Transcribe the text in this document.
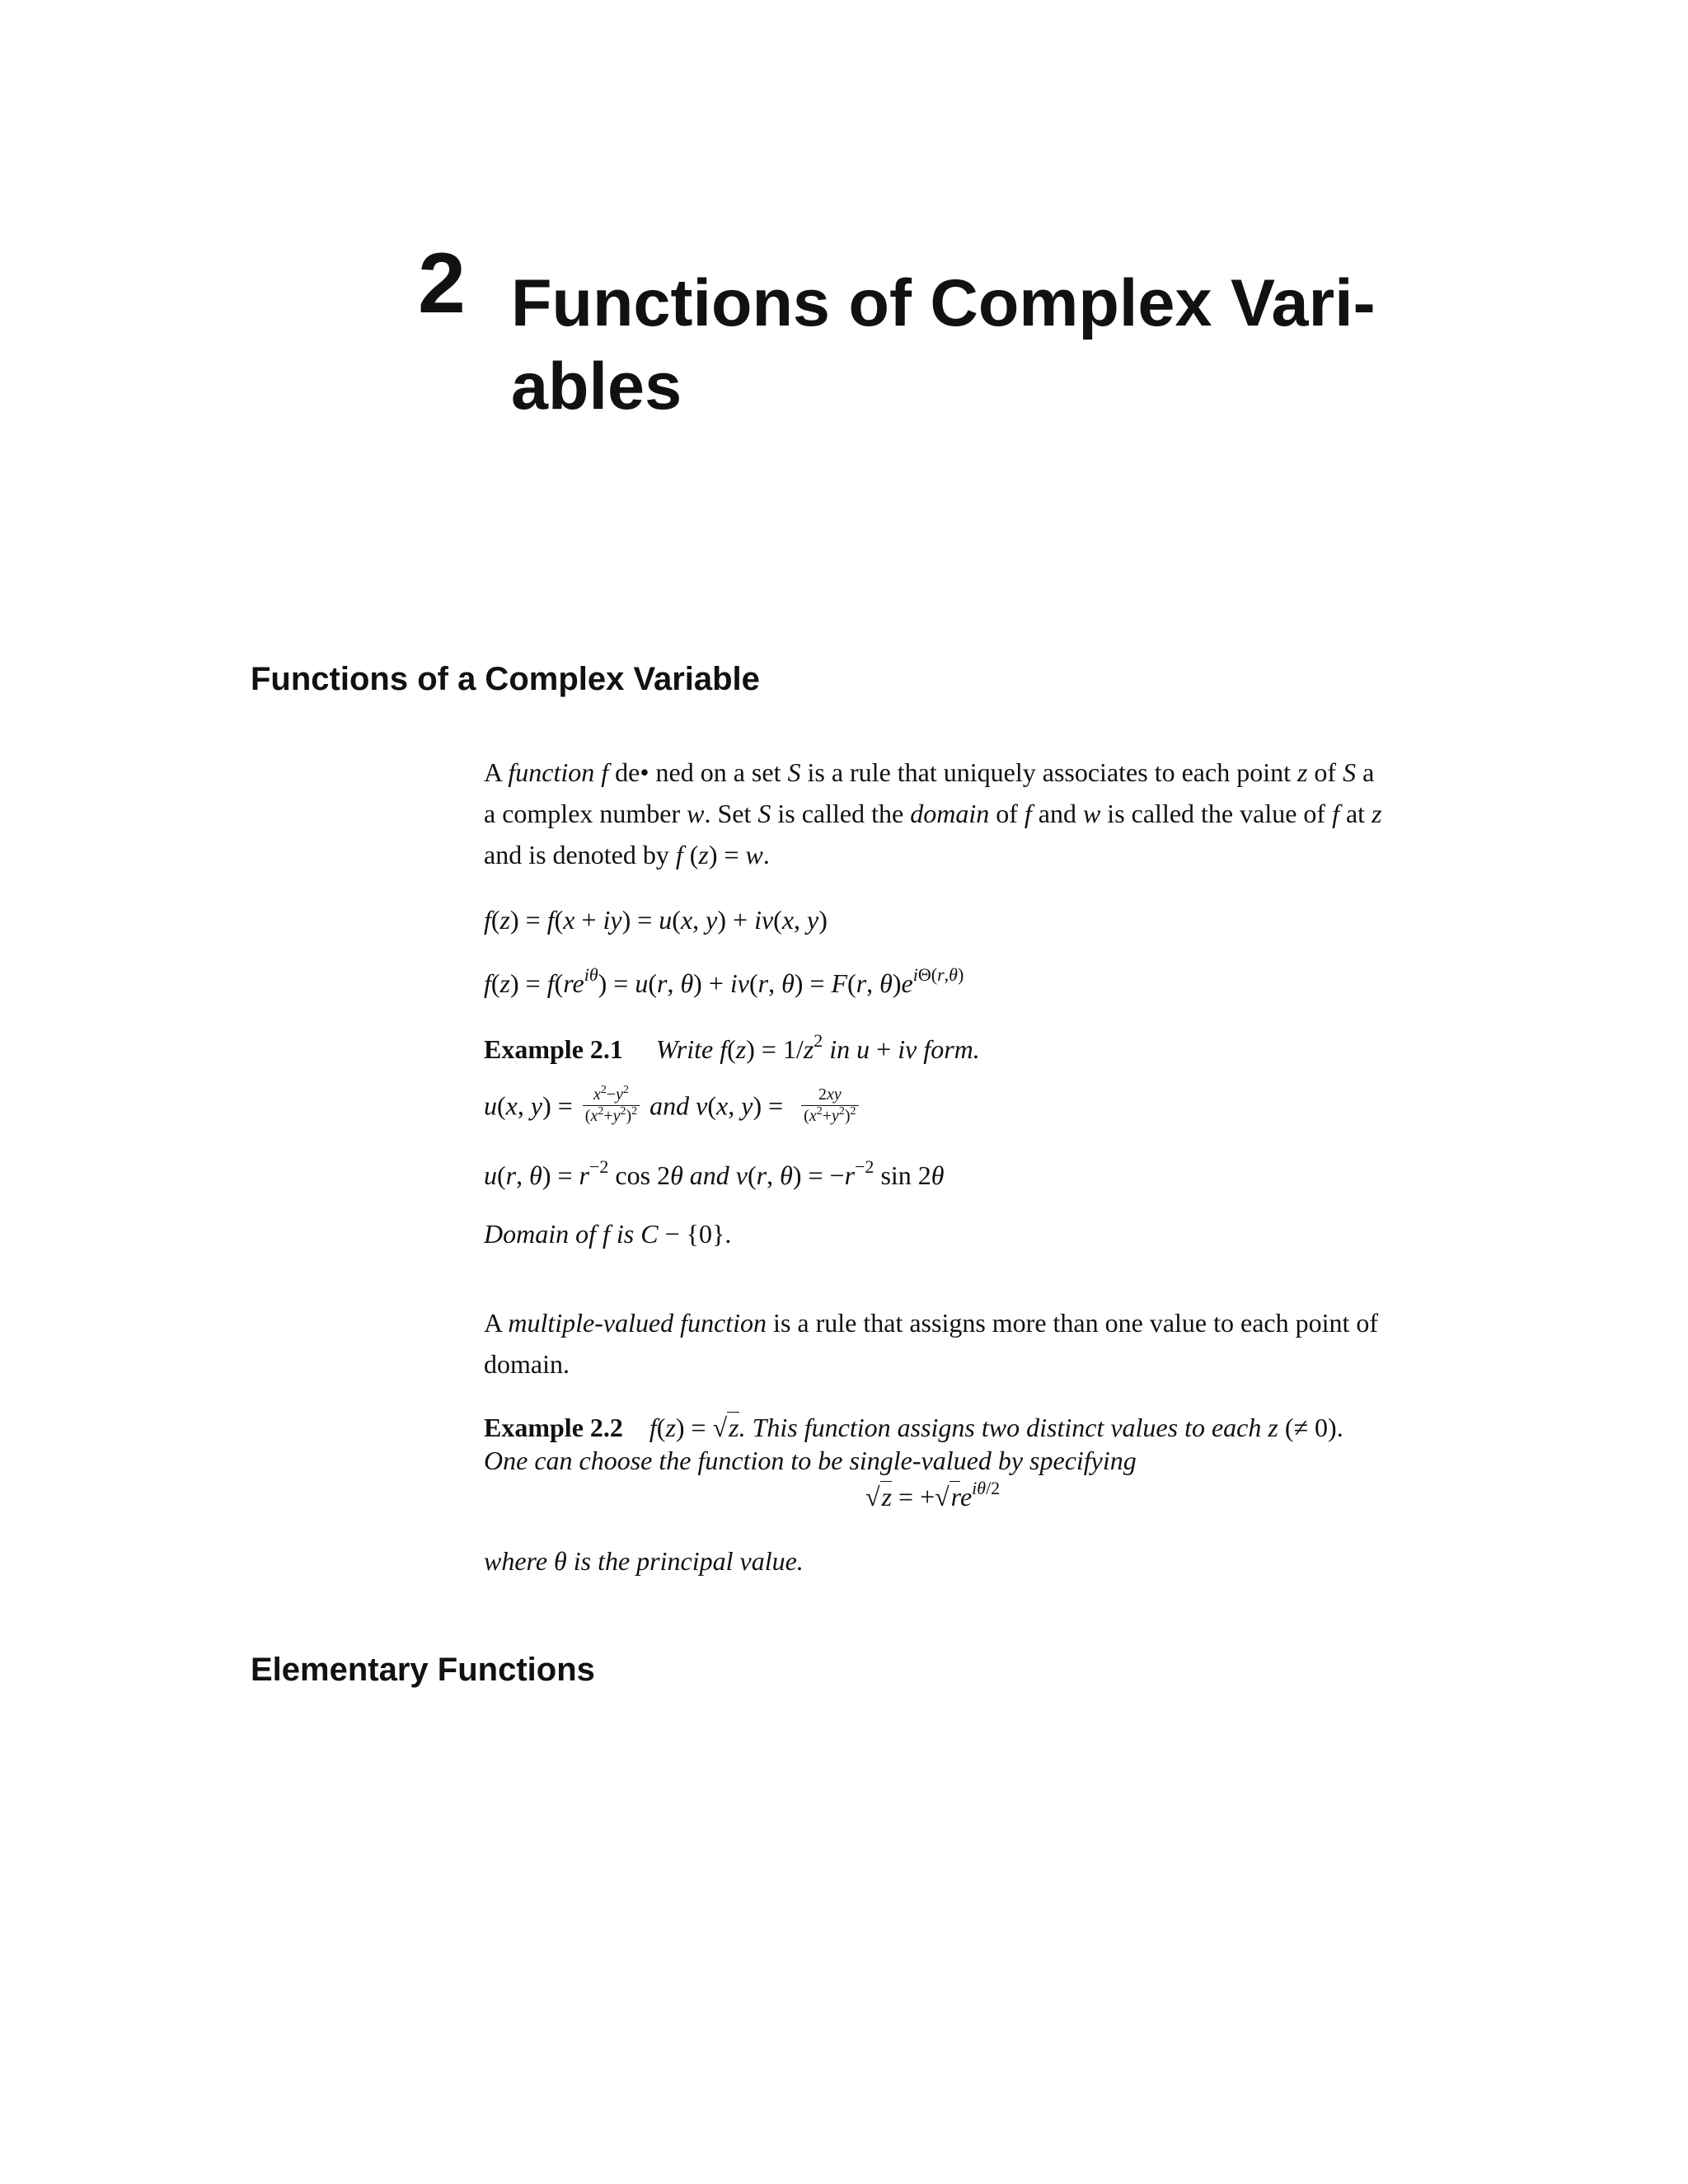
2 Functions of Complex Vari-
ables
Functions of a Complex Variable
A function f de• ned on a set S is a rule that uniquely associates to each point z of S a
a complex number w. Set S is called the domain of f and w is called the value of f at z
and is denoted by f (z) = w.
f(z) = f(x + iy) = u(x, y) + iv(x, y)
$f(z) = f(re^{i\theta}) = u(r$, θ) + iv(r, θ) = F(r, $\theta)e^{i\Theta(r,\theta)}$
Example 2.1 Write $f(z) = 1/z^2$ in u + iv form.
u(x, $y) = \frac{x^2-y^2}{(x^2+y^2)^2}$ and v(x, $y) = \frac{2xy}{(x^2+y^2)^2}$
u(r, $\theta) = r^{-2}$ cos 2θ and v(r, $\theta) = -r^{-2}$ sin 2θ
Domain of f is C − {0}.
A multiple-valued function is a rule that assigns more than one value to each point of
domain.
Example 2.2 f(z) = √z. This function assigns two distinct values to each z (≠ 0).
One can choose the function to be single-valued by specifying
$√z = +√re^{i\theta/2}$
where θ is the principal value.
Elementary Functions
